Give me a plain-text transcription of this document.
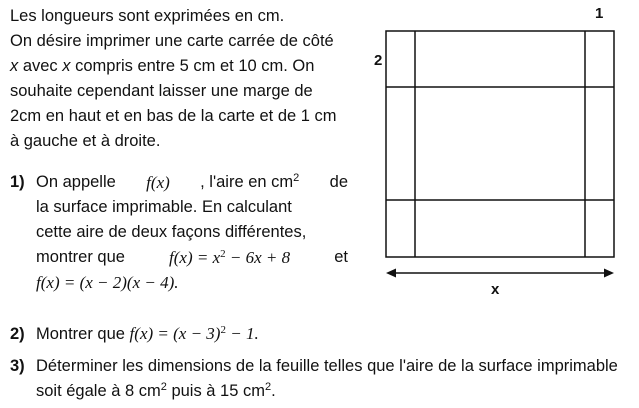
Les longueurs sont exprimées en cm.
On désire imprimer une carte carrée de côté
x avec x compris entre 5 cm et 10 cm. On
souhaite cependant laisser une marge de
2cm en haut et en bas de la carte et de 1 cm
à gauche et à droite.
1) On appelle f(x) , l'aire en $cm^2$ de
la surface imprimable. En calculant
cette aire de deux façons différentes,
montrer que	$f(x) = x^2 - 6x + 8$	et
f(x) = (x − 2)(x − 4).
2) Montrer que $f(x) = (x - 3)^2 - 1$.
3) Déterminer les dimensions de la feuille telles que l'aire de la surface imprimable
soit égale à 8 $cm^2$ puis à 15 $cm^2$.
1
2
x
